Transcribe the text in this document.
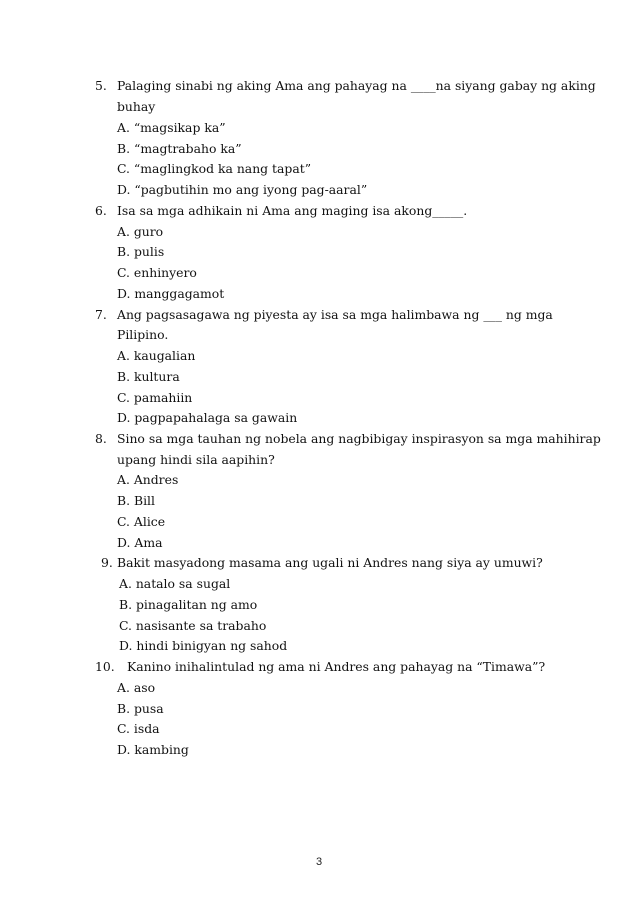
5. Palaging sinabi ng aking Ama ang pahayag na ____na siyang gabay ng aking
buhay
A. “magsikap ka”
B. “magtrabaho ka”
C. “maglingkod ka nang tapat”
D. “pagbutihin mo ang iyong pag-aaral”
6. Isa sa mga adhikain ni Ama ang maging isa akong_____.
A. guro
B. pulis
C. enhinyero
D. manggagamot
7. Ang pagsasagawa ng piyesta ay isa sa mga halimbawa ng ___ ng mga
Pilipino.
A. kaugalian
B. kultura
C. pamahiin
D. pagpapahalaga sa gawain
8. Sino sa mga tauhan ng nobela ang nagbibigay inspirasyon sa mga mahihirap
upang hindi sila aapihin?
A. Andres
B. Bill
C. Alice
D. Ama
9. Bakit masyadong masama ang ugali ni Andres nang siya ay umuwi?
A. natalo sa sugal
B. pinagalitan ng amo
C. nasisante sa trabaho
D. hindi binigyan ng sahod
10. Kanino inihalintulad ng ama ni Andres ang pahayag na “Timawa”?
A. aso
B. pusa
C. isda
D. kambing
3
